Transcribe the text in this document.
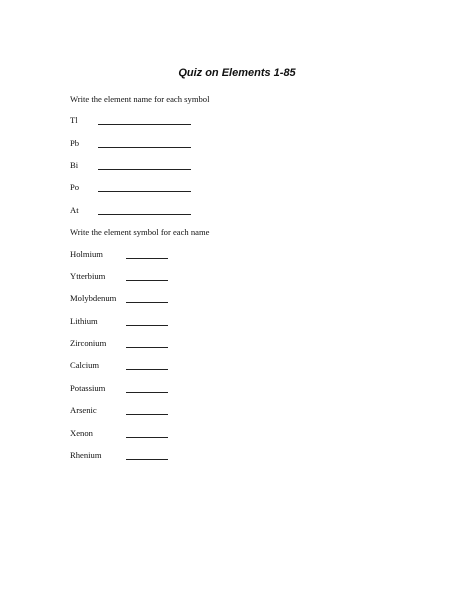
Quiz on Elements 1-85
Write the element name for each symbol
Tl
Pb
Bi
Po
At
Write the element symbol for each name
Holmium
Ytterbium
Molybdenum
Lithium
Zirconium
Calcium
Potassium
Arsenic
Xenon
Rhenium
